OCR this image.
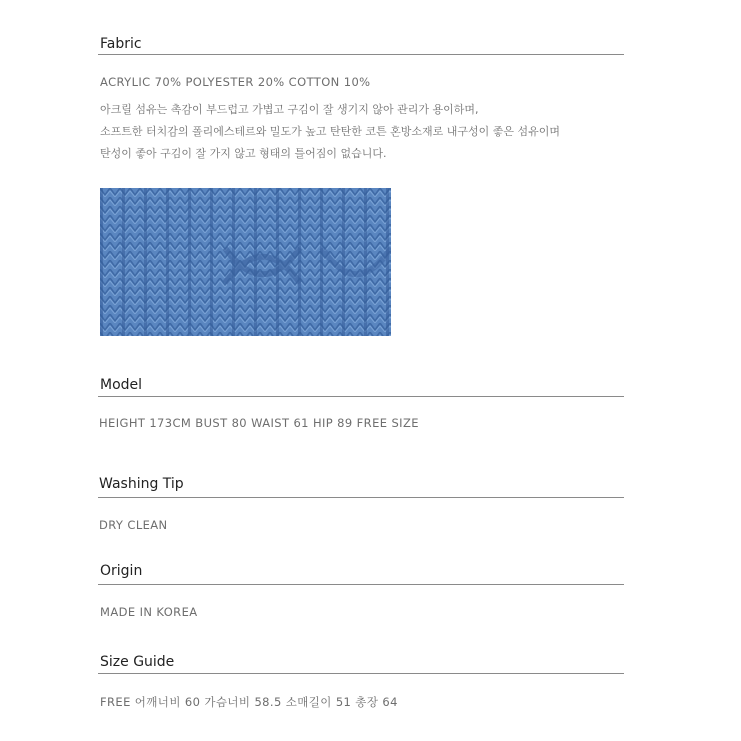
Fabric
ACRYLIC 70% POLYESTER 20% COTTON 10%
아크릴 섬유는 촉감이 부드럽고 가볍고 구김이 잘 생기지 않아 관리가 용이하며,
소프트한 터치감의 폴리에스테르와 밀도가 높고 탄탄한 코튼 혼방소재로 내구성이 좋은 섬유이며
탄성이 좋아 구김이 잘 가지 않고 형태의 틀어짐이 없습니다.
Model
HEIGHT 173CM BUST 80 WAIST 61 HIP 89 FREE SIZE
Washing Tip
DRY CLEAN
Origin
MADE IN KOREA
Size Guide
FREE 어깨너비 60 가슴너비 58.5 소매길이 51 총장 64
